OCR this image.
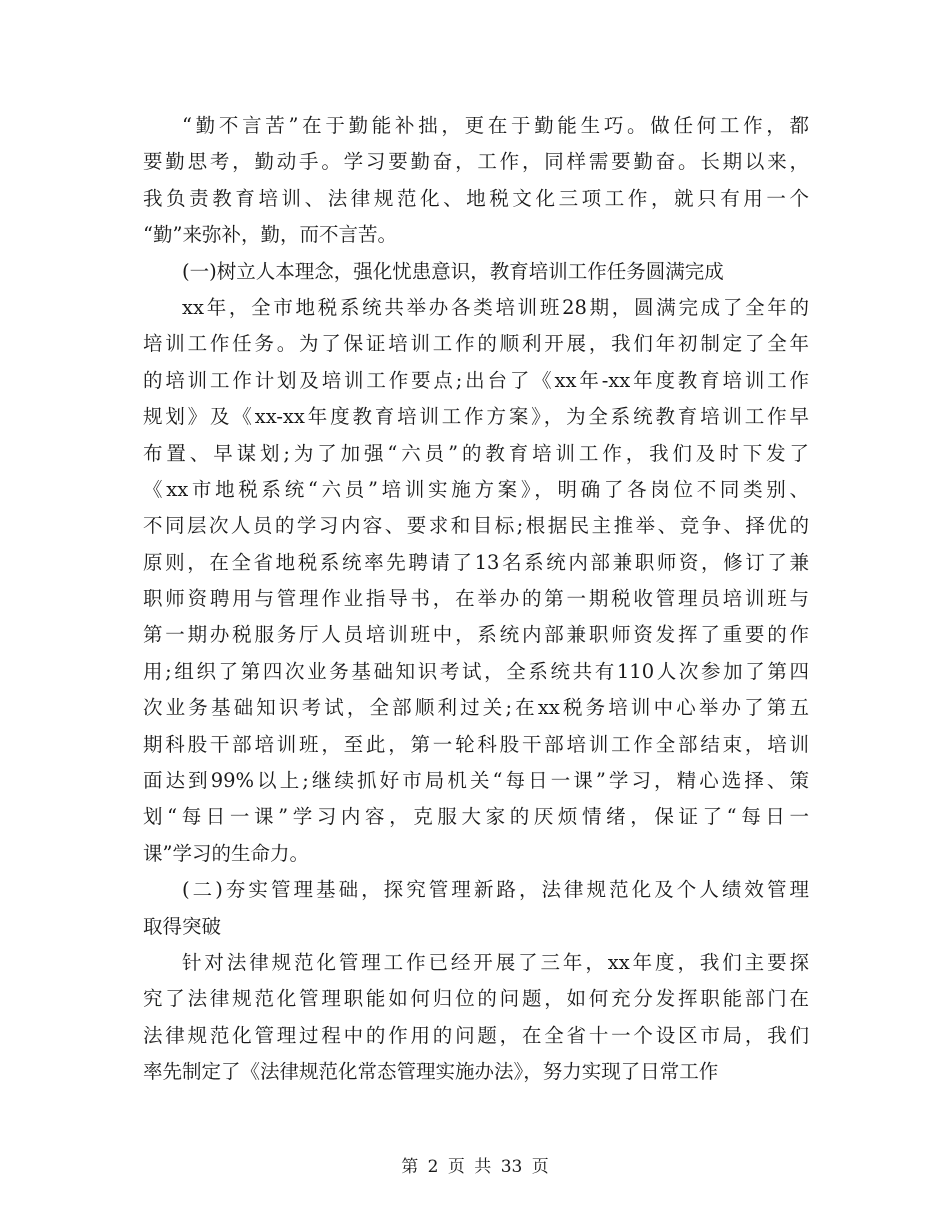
“勤不言苦”在于勤能补拙，更在于勤能生巧。做任何工作，都
要勤思考，勤动手。学习要勤奋，工作，同样需要勤奋。长期以来，
我负责教育培训、法律规范化、地税文化三项工作，就只有用一个
“勤”来弥补，勤，而不言苦。
(一)树立人本理念，强化忧患意识，教育培训工作任务圆满完成
xx年，全市地税系统共举办各类培训班28期，圆满完成了全年的
培训工作任务。为了保证培训工作的顺利开展，我们年初制定了全年
的培训工作计划及培训工作要点;出台了《xx年-xx年度教育培训工作
规划》及《xx-xx年度教育培训工作方案》，为全系统教育培训工作早
布置、早谋划;为了加强“六员”的教育培训工作，我们及时下发了
《xx市地税系统“六员”培训实施方案》，明确了各岗位不同类别、
不同层次人员的学习内容、要求和目标;根据民主推举、竞争、择优的
原则，在全省地税系统率先聘请了13名系统内部兼职师资，修订了兼
职师资聘用与管理作业指导书，在举办的第一期税收管理员培训班与
第一期办税服务厅人员培训班中，系统内部兼职师资发挥了重要的作
用;组织了第四次业务基础知识考试，全系统共有110人次参加了第四
次业务基础知识考试，全部顺利过关;在xx税务培训中心举办了第五
期科股干部培训班，至此，第一轮科股干部培训工作全部结束，培训
面达到99%以上;继续抓好市局机关“每日一课”学习，精心选择、策
划“每日一课”学习内容，克服大家的厌烦情绪，保证了“每日一
课”学习的生命力。
(二)夯实管理基础，探究管理新路，法律规范化及个人绩效管理
取得突破
针对法律规范化管理工作已经开展了三年，xx年度，我们主要探
究了法律规范化管理职能如何归位的问题，如何充分发挥职能部门在
法律规范化管理过程中的作用的问题，在全省十一个设区市局，我们
率先制定了《法律规范化常态管理实施办法》，努力实现了日常工作
第 2 页 共 33 页
